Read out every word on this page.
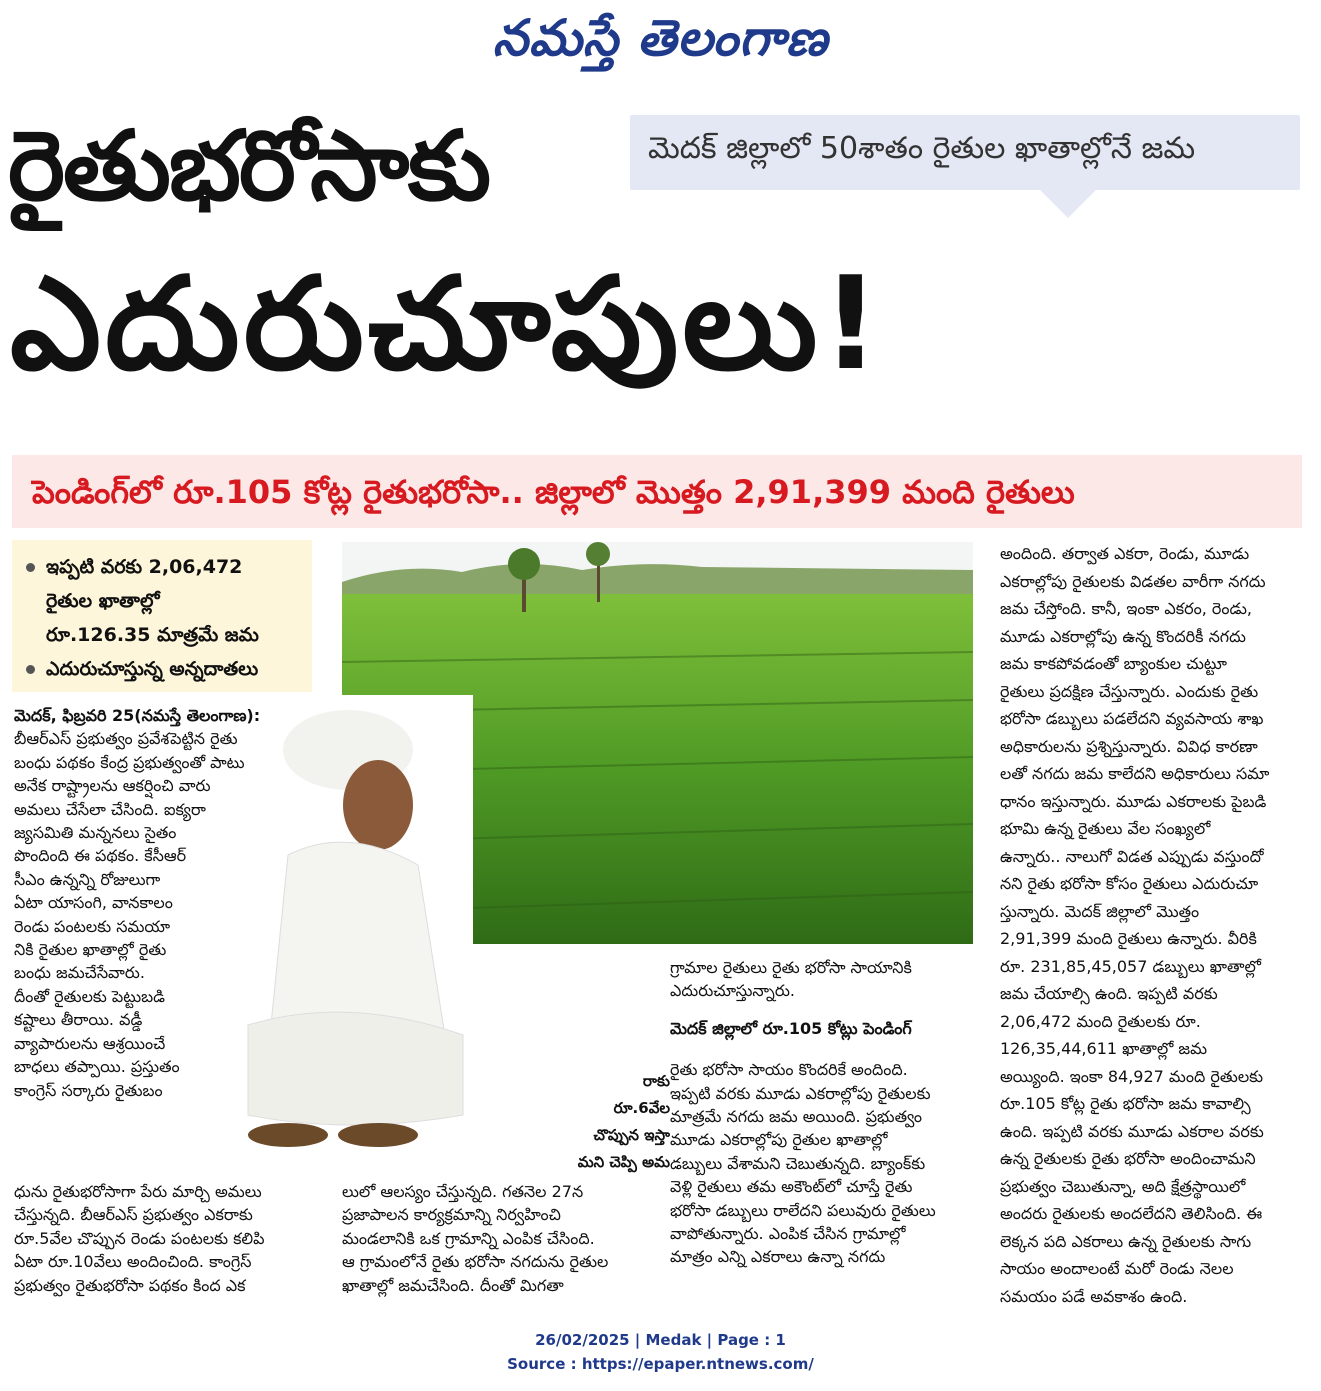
నమస్తే తెలంగాణ
మెదక్ జిల్లాలో 50శాతం రైతుల ఖాతాల్లోనే జమ
రైతుభరోసాకు
ఎదురుచూపులు!
పెండింగ్‌లో రూ.105 కోట్ల రైతుభరోసా.. జిల్లాలో మొత్తం 2,91,399 మంది రైతులు
ఇప్పటి వరకు 2,06,472
రైతుల ఖాతాల్లో
రూ.126.35 మాత్రమే జమ
ఎదురుచూస్తున్న అన్నదాతలు
రాకు
రూ.6వేల
చొప్పున ఇస్తా
మని చెప్పి అమ

మెదక్, ఫిబ్రవరి 25(నమస్తే తెలంగాణ):

బీఆర్‌ఎస్ ప్రభుత్వం ప్రవేశపెట్టిన రైతు

బంధు పథకం కేంద్ర ప్రభుత్వంతో పాటు

అనేక రాష్ట్రాలను ఆకర్షించి వారు

అమలు చేసేలా చేసింది. ఐక్యరా

జ్యసమితి మన్ననలు సైతం

పొందింది ఈ పథకం. కేసీఆర్

సీఎం ఉన్నన్ని రోజులుగా

ఏటా యాసంగి, వానకాలం

రెండు పంటలకు సమయా

నికి రైతుల ఖాతాల్లో రైతు

బంధు జమచేసేవారు.

దీంతో రైతులకు పెట్టుబడి

కష్టాలు తీరాయి. వడ్డీ

వ్యాపారులను ఆశ్రయించే

బాధలు తప్పాయి. ప్రస్తుతం

కాంగ్రెస్ సర్కారు రైతుబం

ధును రైతుభరోసాగా పేరు మార్చి అమలు

చేస్తున్నది. బీఆర్‌ఎస్ ప్రభుత్వం ఎకరాకు

రూ.5వేల చొప్పున రెండు పంటలకు కలిపి

ఏటా రూ.10వేలు అందించింది. కాంగ్రెస్

ప్రభుత్వం రైతుభరోసా పథకం కింద ఎక

లులో ఆలస్యం చేస్తున్నది. గతనెల 27న

ప్రజాపాలన కార్యక్రమాన్ని నిర్వహించి

మండలానికి ఒక గ్రామాన్ని ఎంపిక చేసింది.

ఆ గ్రామంలోనే రైతు భరోసా నగదును రైతుల

ఖాతాల్లో జమచేసింది. దీంతో మిగతా

గ్రామాల రైతులు రైతు భరోసా సాయానికి

ఎదురుచూస్తున్నారు.

మెదక్ జిల్లాలో రూ.105 కోట్లు పెండింగ్

రైతు భరోసా సాయం కొందరికే అందింది.

ఇప్పటి వరకు మూడు ఎకరాల్లోపు రైతులకు

మాత్రమే నగదు జమ అయింది. ప్రభుత్వం

మూడు ఎకరాల్లోపు రైతుల ఖాతాల్లో

డబ్బులు వేశామని చెబుతున్నది. బ్యాంక్‌కు

వెళ్లి రైతులు తమ అకౌంట్‌లో చూస్తే రైతు

భరోసా డబ్బులు రాలేదని పలువురు రైతులు

వాపోతున్నారు. ఎంపిక చేసిన గ్రామాల్లో

మాత్రం ఎన్ని ఎకరాలు ఉన్నా నగదు

అందింది. తర్వాత ఎకరా, రెండు, మూడు

ఎకరాల్లోపు రైతులకు విడతల వారీగా నగదు

జమ చేస్తోంది. కానీ, ఇంకా ఎకరం, రెండు,

మూడు ఎకరాల్లోపు ఉన్న కొందరికీ నగదు

జమ కాకపోవడంతో బ్యాంకుల చుట్టూ

రైతులు ప్రదక్షిణ చేస్తున్నారు. ఎందుకు రైతు

భరోసా డబ్బులు పడలేదని వ్యవసాయ శాఖ

అధికారులను ప్రశ్నిస్తున్నారు. వివిధ కారణా

లతో నగదు జమ కాలేదని అధికారులు సమా

ధానం ఇస్తున్నారు. మూడు ఎకరాలకు పైబడి

భూమి ఉన్న రైతులు వేల సంఖ్యలో

ఉన్నారు.. నాలుగో విడత ఎప్పుడు వస్తుందో

నని రైతు భరోసా కోసం రైతులు ఎదురుచూ

స్తున్నారు. మెదక్ జిల్లాలో మొత్తం

2,91,399 మంది రైతులు ఉన్నారు. వీరికి

రూ. 231,85,45,057 డబ్బులు ఖాతాల్లో

జమ చేయాల్సి ఉంది. ఇప్పటి వరకు

2,06,472 మంది రైతులకు రూ.

126,35,44,611 ఖాతాల్లో జమ

అయ్యింది. ఇంకా 84,927 మంది రైతులకు

రూ.105 కోట్ల రైతు భరోసా జమ కావాల్సి

ఉంది. ఇప్పటి వరకు మూడు ఎకరాల వరకు

ఉన్న రైతులకు రైతు భరోసా అందించామని

ప్రభుత్వం చెబుతున్నా, అది క్షేత్రస్థాయిలో

అందరు రైతులకు అందలేదని తెలిసింది. ఈ

లెక్కన పది ఎకరాలు ఉన్న రైతులకు సాగు

సాయం అందాలంటే మరో రెండు నెలల

సమయం పడే అవకాశం ఉంది.

26/02/2025 | Medak | Page : 1
Source : https://epaper.ntnews.com/
